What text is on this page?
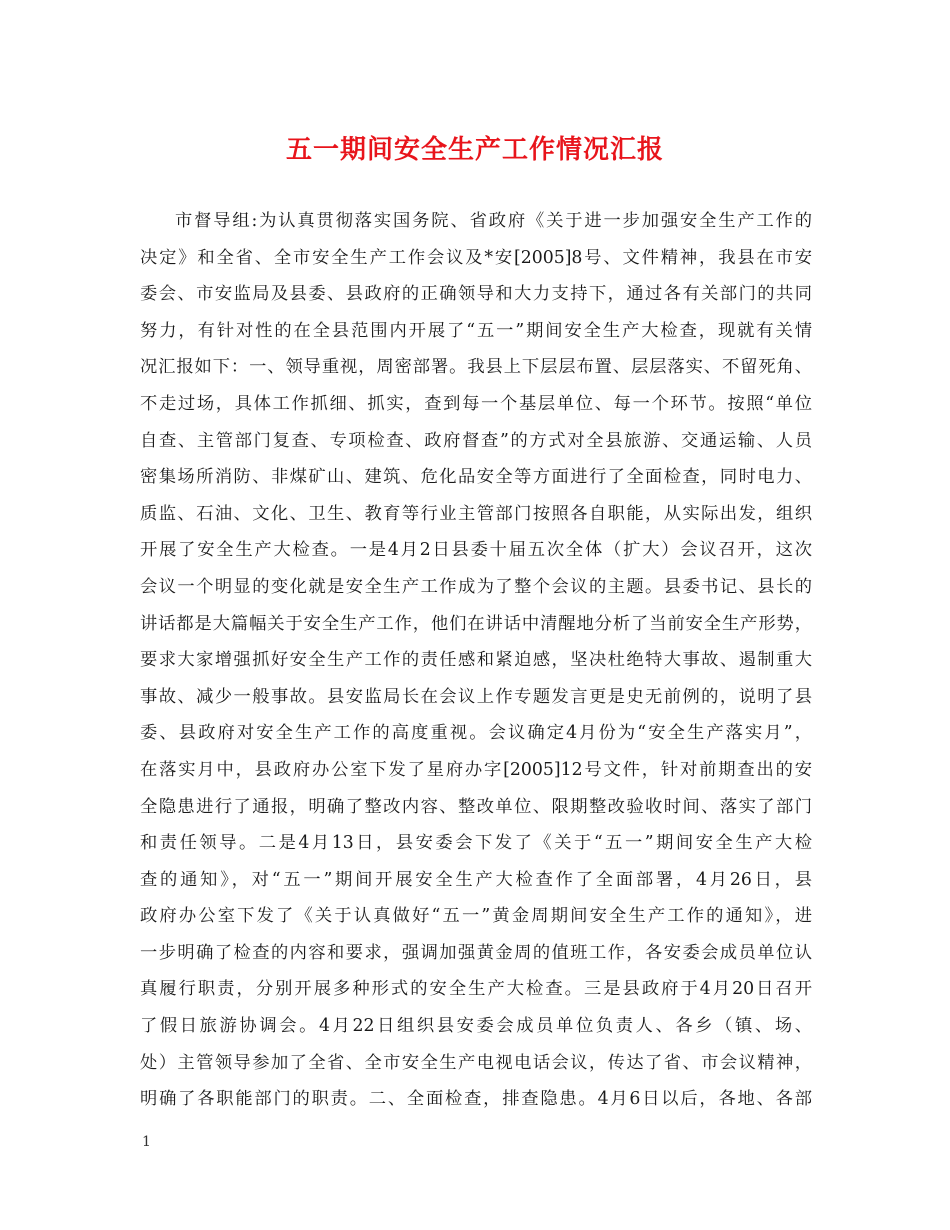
五一期间安全生产工作情况汇报
市督导组:为认真贯彻落实国务院、省政府《关于进一步加强安全生产工作的
决定》和全省、全市安全生产工作会议及*安[2005]8号、文件精神，我县在市安
委会、市安监局及县委、县政府的正确领导和大力支持下，通过各有关部门的共同
努力，有针对性的在全县范围内开展了“五一”期间安全生产大检查，现就有关情
况汇报如下：一、领导重视，周密部署。我县上下层层布置、层层落实、不留死角、
不走过场，具体工作抓细、抓实，查到每一个基层单位、每一个环节。按照“单位
自查、主管部门复查、专项检查、政府督查”的方式对全县旅游、交通运输、人员
密集场所消防、非煤矿山、建筑、危化品安全等方面进行了全面检查，同时电力、
质监、石油、文化、卫生、教育等行业主管部门按照各自职能，从实际出发，组织
开展了安全生产大检查。一是4月2日县委十届五次全体（扩大）会议召开，这次
会议一个明显的变化就是安全生产工作成为了整个会议的主题。县委书记、县长的
讲话都是大篇幅关于安全生产工作，他们在讲话中清醒地分析了当前安全生产形势，
要求大家增强抓好安全生产工作的责任感和紧迫感，坚决杜绝特大事故、遏制重大
事故、减少一般事故。县安监局长在会议上作专题发言更是史无前例的，说明了县
委、县政府对安全生产工作的高度重视。会议确定4月份为“安全生产落实月”，
在落实月中，县政府办公室下发了星府办字[2005]12号文件，针对前期查出的安
全隐患进行了通报，明确了整改内容、整改单位、限期整改验收时间、落实了部门
和责任领导。二是4月13日，县安委会下发了《关于“五一”期间安全生产大检
查的通知》，对“五一”期间开展安全生产大检查作了全面部署，4月26日，县
政府办公室下发了《关于认真做好“五一”黄金周期间安全生产工作的通知》，进
一步明确了检查的内容和要求，强调加强黄金周的值班工作，各安委会成员单位认
真履行职责，分别开展多种形式的安全生产大检查。三是县政府于4月20日召开
了假日旅游协调会。4月22日组织县安委会成员单位负责人、各乡（镇、场、
处）主管领导参加了全省、全市安全生产电视电话会议，传达了省、市会议精神，
明确了各职能部门的职责。二、全面检查，排查隐患。4月6日以后，各地、各部
1
